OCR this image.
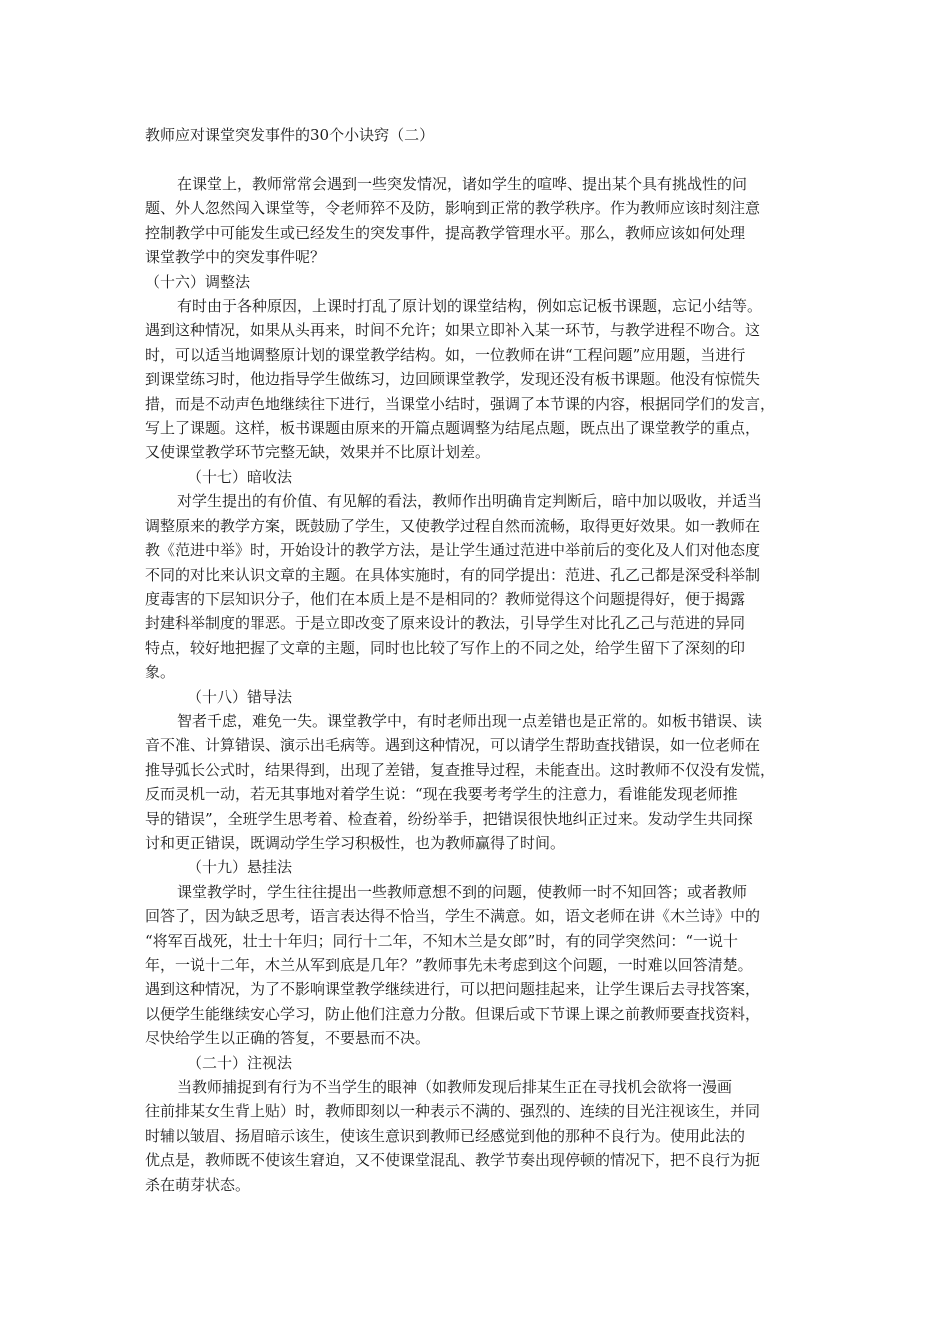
教师应对课堂突发事件的30个小诀窍（二）

在课堂上，教师常常会遇到一些突发情况，诸如学生的喧哗、提出某个具有挑战性的问
题、外人忽然闯入课堂等，令老师猝不及防，影响到正常的教学秩序。作为教师应该时刻注意
控制教学中可能发生或已经发生的突发事件，提高教学管理水平。那么，教师应该如何处理
课堂教学中的突发事件呢？

（十六）调整法

有时由于各种原因，上课时打乱了原计划的课堂结构，例如忘记板书课题，忘记小结等。
遇到这种情况，如果从头再来，时间不允许；如果立即补入某一环节，与教学进程不吻合。这
时，可以适当地调整原计划的课堂教学结构。如，一位教师在讲“工程问题”应用题，当进行
到课堂练习时，他边指导学生做练习，边回顾课堂教学，发现还没有板书课题。他没有惊慌失
措，而是不动声色地继续往下进行，当课堂小结时，强调了本节课的内容，根据同学们的发言，
写上了课题。这样，板书课题由原来的开篇点题调整为结尾点题，既点出了课堂教学的重点，
又使课堂教学环节完整无缺，效果并不比原计划差。

（十七）暗收法

对学生提出的有价值、有见解的看法，教师作出明确肯定判断后，暗中加以吸收，并适当
调整原来的教学方案，既鼓励了学生，又使教学过程自然而流畅，取得更好效果。如一教师在
教《范进中举》时，开始设计的教学方法，是让学生通过范进中举前后的变化及人们对他态度
不同的对比来认识文章的主题。在具体实施时，有的同学提出：范进、孔乙己都是深受科举制
度毒害的下层知识分子，他们在本质上是不是相同的？教师觉得这个问题提得好，便于揭露
封建科举制度的罪恶。于是立即改变了原来设计的教法，引导学生对比孔乙己与范进的异同
特点，较好地把握了文章的主题，同时也比较了写作上的不同之处，给学生留下了深刻的印
象。

（十八）错导法

智者千虑，难免一失。课堂教学中，有时老师出现一点差错也是正常的。如板书错误、读
音不准、计算错误、演示出毛病等。遇到这种情况，可以请学生帮助查找错误，如一位老师在
推导弧长公式时，结果得到，出现了差错，复查推导过程，未能查出。这时教师不仅没有发慌，
反而灵机一动，若无其事地对着学生说：“现在我要考考学生的注意力，看谁能发现老师推
导的错误”，全班学生思考着、检查着，纷纷举手，把错误很快地纠正过来。发动学生共同探
讨和更正错误，既调动学生学习积极性，也为教师赢得了时间。

（十九）悬挂法

课堂教学时，学生往往提出一些教师意想不到的问题，使教师一时不知回答；或者教师
回答了，因为缺乏思考，语言表达得不恰当，学生不满意。如，语文老师在讲《木兰诗》中的
“将军百战死，壮士十年归；同行十二年，不知木兰是女郎”时，有的同学突然问：“一说十
年，一说十二年，木兰从军到底是几年？”教师事先未考虑到这个问题，一时难以回答清楚。
遇到这种情况，为了不影响课堂教学继续进行，可以把问题挂起来，让学生课后去寻找答案，
以便学生能继续安心学习，防止他们注意力分散。但课后或下节课上课之前教师要查找资料，
尽快给学生以正确的答复，不要悬而不决。

（二十）注视法

当教师捕捉到有行为不当学生的眼神（如教师发现后排某生正在寻找机会欲将一漫画
往前排某女生背上贴）时，教师即刻以一种表示不满的、强烈的、连续的目光注视该生，并同
时辅以皱眉、扬眉暗示该生，使该生意识到教师已经感觉到他的那种不良行为。使用此法的
优点是，教师既不使该生窘迫，又不使课堂混乱、教学节奏出现停顿的情况下，把不良行为扼
杀在萌芽状态。
